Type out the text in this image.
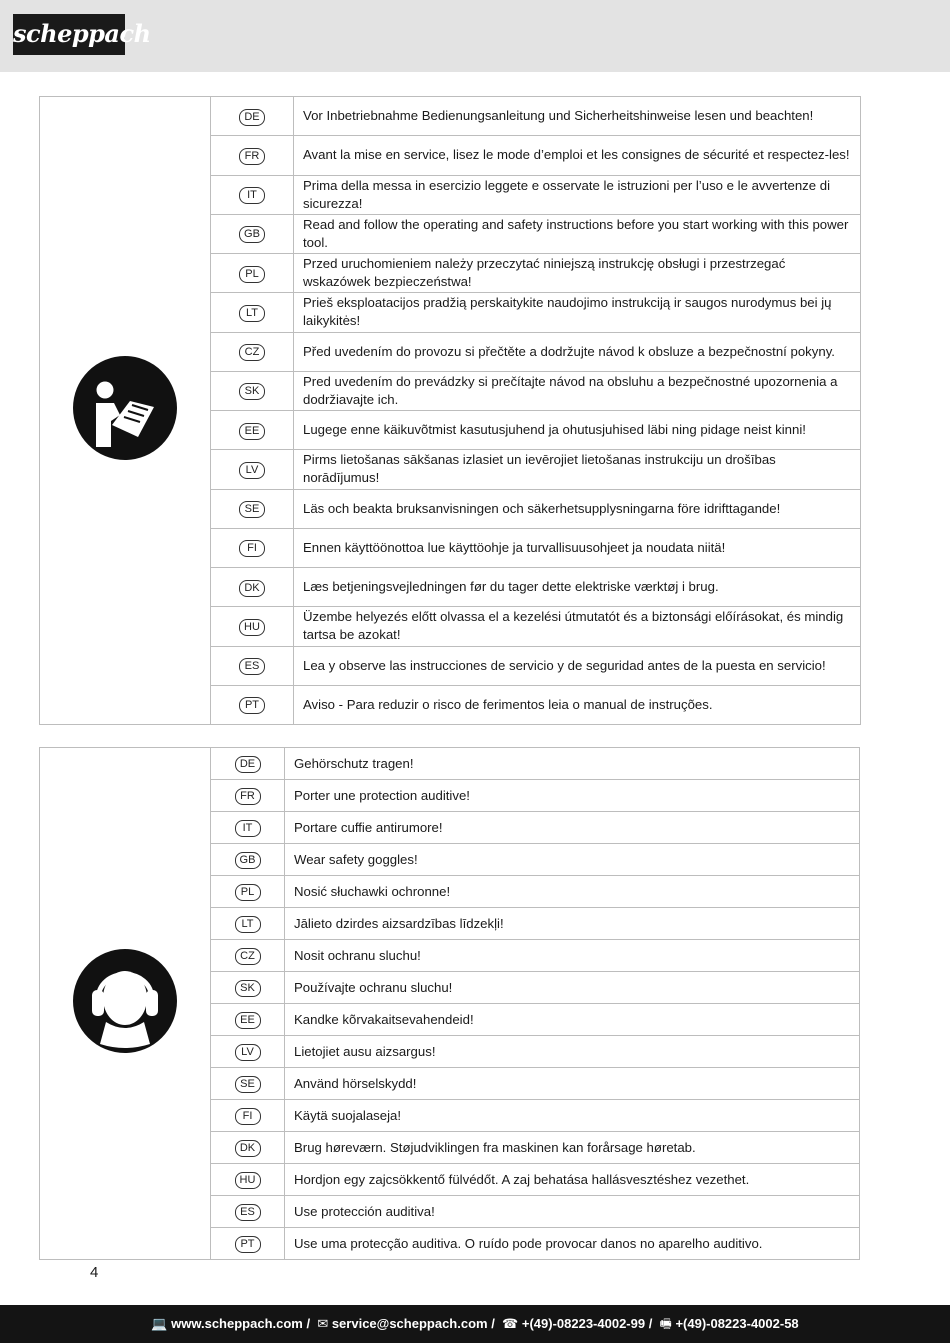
scheppach
	DE	Vor Inbetriebnahme Bedienungsanleitung und Sicherheitshinweise lesen und beachten!
	FR	Avant la mise en service, lisez le mode d’emploi et les consignes de sécurité et respectez-les!
	IT	Prima della messa in esercizio leggete e osservate le istruzioni per l’uso e le avvertenze di sicurezza!
	GB	Read and follow the operating and safety instructions before you start working with this power tool.
	PL	Przed uruchomieniem należy przeczytać niniejszą instrukcję obsługi i przestrzegać wskazówek bezpieczeństwa!
	LT	Prieš eksploatacijos pradžią perskaitykite naudojimo instrukciją ir saugos nurodymus bei jų laikykitės!
	CZ	Před uvedením do provozu si přečtěte a dodržujte návod k obsluze a bezpečnostní pokyny.
	SK	Pred uvedením do prevádzky si prečítajte návod na obsluhu a bezpečnostné upozornenia a dodržiavajte ich.
	EE	Lugege enne käikuvõtmist kasutusjuhend ja ohutusjuhised läbi ning pidage neist kinni!
	LV	Pirms lietošanas sākšanas izlasiet un ievērojiet lietošanas instrukciju un drošības norādījumus!
	SE	Läs och beakta bruksanvisningen och säkerhetsupplysningarna före idrifttagande!
	FI	Ennen käyttöönottoa lue käyttöohje ja turvallisuusohjeet ja noudata niitä!
	DK	Læs betjeningsvejledningen før du tager dette elektriske værktøj i brug.
	HU	Üzembe helyezés előtt olvassa el a kezelési útmutatót és a biztonsági előírásokat, és mindig tartsa be azokat!
	ES	Lea y observe las instrucciones de servicio y de seguridad antes de la puesta en servicio!
	PT	Aviso - Para reduzir o risco de ferimentos leia o manual de instruções.
	DE	Gehörschutz tragen!
	FR	Porter une protection auditive!
	IT	Portare cuffie antirumore!
	GB	Wear safety goggles!
	PL	Nosić słuchawki ochronne!
	LT	Jālieto dzirdes aizsardzības līdzekļi!
	CZ	Nosit ochranu sluchu!
	SK	Používajte ochranu sluchu!
	EE	Kandke kõrvakaitsevahendeid!
	LV	Lietojiet ausu aizsargus!
	SE	Använd hörselskydd!
	FI	Käytä suojalaseja!
	DK	Brug høreværn. Støjudviklingen fra maskinen kan forårsage høretab.
	HU	Hordjon egy zajcsökkentő fülvédőt. A zaj behatása hallásvesztéshez vezethet.
	ES	Use protección auditiva!
	PT	Use uma protecção auditiva. O ruído pode provocar danos no aparelho auditivo.
4
💻 www.scheppach.com /  ✉ service@scheppach.com /  ☎ +(49)-08223-4002-99 /  🖷 +(49)-08223-4002-58
